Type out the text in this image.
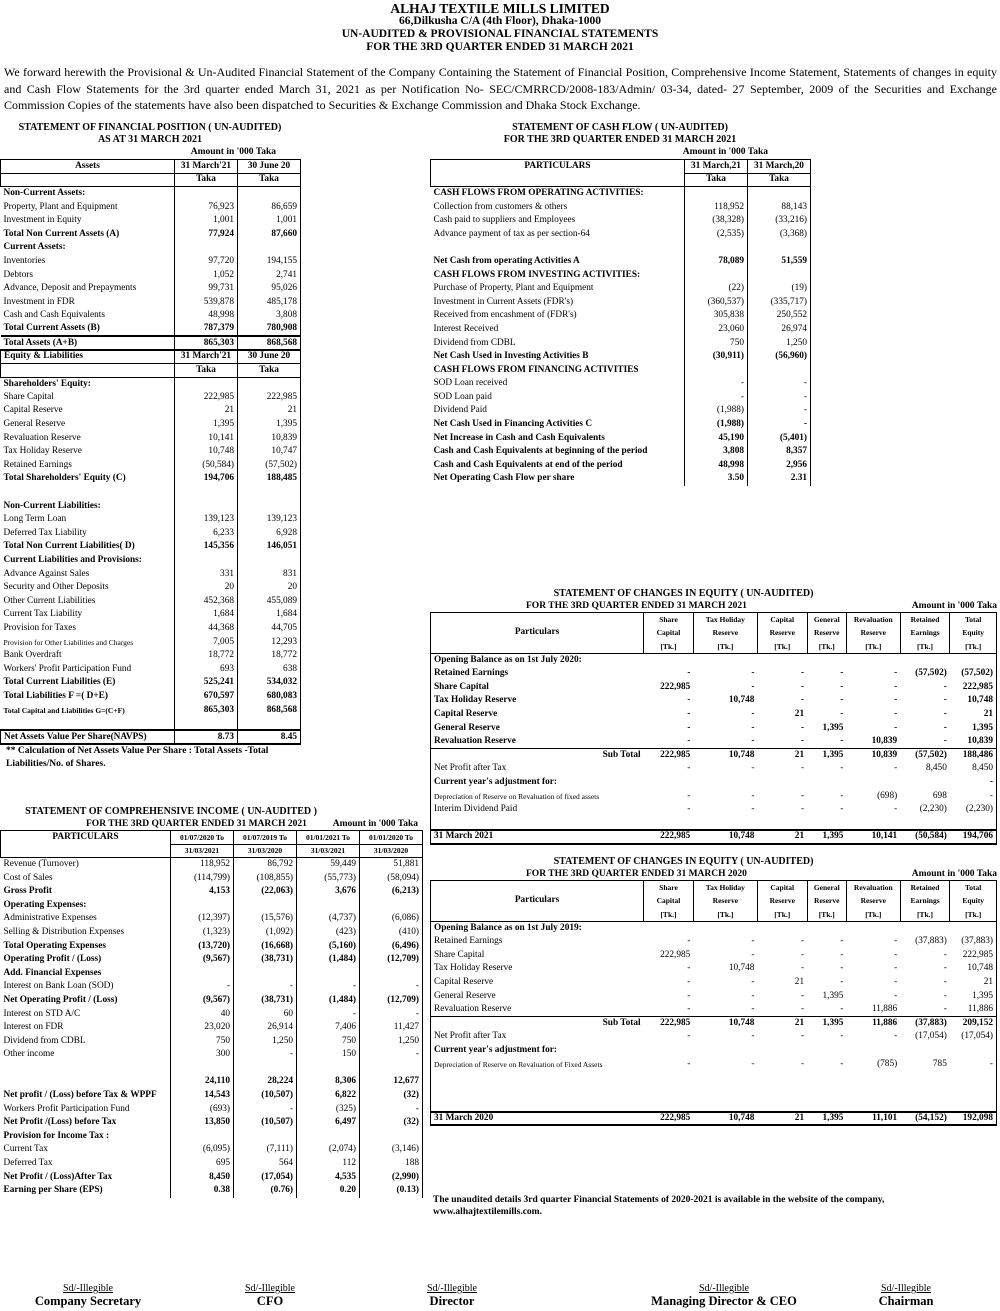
ALHAJ TEXTILE MILLS LIMITED
66,Dilkusha C/A (4th Floor), Dhaka-1000
UN-AUDITED & PROVISIONAL FINANCIAL STATEMENTS
FOR THE 3RD QUARTER ENDED 31 MARCH 2021
We forward herewith the Provisional & Un-Audited Financial Statement of the Company Containing the Statement of Financial Position, Comprehensive Income Statement, Statements of changes in equity and Cash Flow Statements for the 3rd quarter ended March 31, 2021 as per Notification No- SEC/CMRRCD/2008-183/Admin/ 03-34, dated- 27 September, 2009 of the Securities and Exchange Commission Copies of the statements have also been dispatched to Securities & Exchange Commission and Dhaka Stock Exchange.
STATEMENT OF FINANCIAL POSITION ( UN-AUDITED)
AS AT 31 MARCH 2021
Amount in '000 Taka
Assets	31 March'21	30 June 20
	Taka	Taka
Non-Current Assets:		
Property, Plant and Equipment	76,923	86,659
Investment in Equity	1,001	1,001
Total Non Current Assets (A)	77,924	87,660
Current Assets:		
Inventories	97,720	194,155
Debtors	1,052	2,741
Advance, Deposit and Prepayments	99,731	95,026
Investment in FDR	539,878	485,178
Cash and Cash Equivalents	48,998	3,808
Total Current Assets (B)	787,379	780,908
Total Assets (A+B)	865,303	868,568
Equity & Liabilities	31 March'21	30 June 20
	Taka	Taka
Shareholders' Equity:		
Share Capital	222,985	222,985
Capital Reserve	21	21
General Reserve	1,395	1,395
Revaluation Reserve	10,141	10,839
Tax Holiday Reserve	10,748	10,747
Retained Earnings	(50,584)	(57,502)
Total Shareholders' Equity (C)	194,706	188,485

Non-Current Liabilities:		
Long Term Loan	139,123	139,123
Deferred Tax Liability	6,233	6,928
Total Non Current Liabilities( D)	145,356	146,051
Current Liabilities and Provisions:		
Advance Against Sales	331	831
Security and Other Deposits	20	20
Other Current Liabilities	452,368	455,089
Current Tax Liability	1,684	1,684
Provision for Taxes	44,368	44,705
Provision for Other Liabilities and Charges	7,005	12,293
Bank Overdraft	18,772	18,772
Workers' Profit Participation Fund	693	638
Total Current Liabilities (E)	525,241	534,032
Total Liabilities F =( D+E)	670,597	680,083
Total Capital and Liabilities G=(C+F)	865,303	868,568

Net Assets Value Per Share(NAVPS)	8.73	8.45
** Calculation of Net Assets Value Per Share : Total Assets -Total Liabilities/No. of Shares.
STATEMENT OF CASH FLOW ( UN-AUDITED)
FOR THE 3RD QUARTER ENDED 31 MARCH 2021
Amount in '000 Taka
PARTICULARS	31 March,21	31 March,20
	Taka	Taka
CASH FLOWS FROM OPERATING ACTIVITIES:		
Collection from customers & others	118,952	88,143
Cash paid to suppliers and Employees	(38,328)	(33,216)
Advance payment of tax as per section-64	(2,535)	(3,368)

Net Cash from operating Activities A	78,089	51,559
CASH FLOWS FROM INVESTING ACTIVITIES:		
Purchase of Property, Plant and Equipment	(22)	(19)
Investment in Current Assets (FDR's)	(360,537)	(335,717)
Received from encashment of (FDR's)	305,838	250,552
Interest Received	23,060	26,974
Dividend from CDBL	750	1,250
Net Cash Used in Investing Activities B	(30,911)	(56,960)
CASH FLOWS FROM FINANCING ACTIVITIES		
SOD Loan received	-	-
SOD Loan paid	-	-
Dividend Paid	(1,988)	-
Net Cash Used in Financing Activities C	(1,988)	-
Net Increase in Cash and Cash Equivalents	45,190	(5,401)
Cash and Cash Equivalents at beginning of the period	3,808	8,357
Cash and Cash Equivalents at end of the period	48,998	2,956
Net Operating Cash Flow per share	3.50	2.31
STATEMENT OF COMPREHENSIVE INCOME ( UN-AUDITED )
FOR THE 3RD QUARTER ENDED 31 MARCH 2021	Amount in '000 Taka
PARTICULARS	01/07/2020 To	01/07/2019 To	01/01/2021 To	01/01/2020 To
	31/03/2021	31/03/2020	31/03/2021	31/03/2020
Revenue (Turnover)	118,952	86,792	59,449	51,881
Cost of Sales	(114,799)	(108,855)	(55,773)	(58,094)
Gross Profit	4,153	(22,063)	3,676	(6,213)
Operating Expenses:				
Administrative Expenses	(12,397)	(15,576)	(4,737)	(6,086)
Selling & Distribution Expenses	(1,323)	(1,092)	(423)	(410)
Total Operating Expenses	(13,720)	(16,668)	(5,160)	(6,496)
Operating Profit / (Loss)	(9,567)	(38,731)	(1,484)	(12,709)
Add. Financial Expenses				
Interest on Bank Loan (SOD)	-	-	-	-
Net Operating Profit / (Loss)	(9,567)	(38,731)	(1,484)	(12,709)
Interest on STD A/C	40	60	-	-
Interest on FDR	23,020	26,914	7,406	11,427
Dividend from CDBL	750	1,250	750	1,250
Other income	300	-	150	-

	24,110	28,224	8,306	12,677
Net profit / (Loss) before Tax & WPPF	14,543	(10,507)	6,822	(32)
Workers Profit Participation Fund	(693)	-	(325)	-
Net Profit /(Loss) before Tax	13,850	(10,507)	6,497	(32)
Provision for Income Tax :				
Current Tax	(6,095)	(7,111)	(2,074)	(3,146)
Deferred Tax	695	564	112	188
Net Profit / (Loss)After Tax	8,450	(17,054)	4,535	(2,990)
Earning per Share (EPS)	0.38	(0.76)	0.20	(0.13)
STATEMENT OF CHANGES IN EQUITY ( UN-AUDITED)
FOR THE 3RD QUARTER ENDED 31 MARCH 2021	Amount in '000 Taka
Particulars	Share	Tax Holiday	Capital	General	Revaluation	Retained	Total
	Capital	Reserve	Reserve	Reserve	Reserve	Earnings	Equity
	[Tk.]	[Tk.]	[Tk.]	[Tk.]	[Tk.]	[Tk.]	[Tk.]
Opening Balance as on 1st July 2020:							
Retained Earnings	-	-	-	-	-	(57,502)	(57,502)
Share Capital	222,985	-	-	-	-	-	222,985
Tax Holiday Reserve	-	10,748	-	-	-	-	10,748
Capital Reserve	-	-	21	-	-	-	21
General Reserve	-	-	-	1,395	-	-	1,395
Revaluation Reserve	-	-	-	-	10,839	-	10,839
Sub Total	222,985	10,748	21	1,395	10,839	(57,502)	188,486
Net Profit after Tax	-	-	-	-	-	8,450	8,450
Current year's adjustment for:							-
Depreciation of Reserve on Revaluation of fixed assets	-	-	-	-	(698)	698	-
Interim Dividend Paid	-	-	-	-	-	(2,230)	(2,230)

31 March 2021	222,985	10,748	21	1,395	10,141	(50,584)	194,706
STATEMENT OF CHANGES IN EQUITY ( UN-AUDITED)
FOR THE 3RD QUARTER ENDED 31 MARCH 2020	Amount in '000 Taka
Particulars	Share	Tax Holiday	Capital	General	Revaluation	Retained	Total
	Capital	Reserve	Reserve	Reserve	Reserve	Earnings	Equity
	[Tk.]	[Tk.]	[Tk.]	[Tk.]	[Tk.]	[Tk.]	[Tk.]
Opening Balance as on 1st July 2019:							
Retained Earnings	-	-	-	-	-	(37,883)	(37,883)
Share Capital	222,985	-	-	-	-	-	222,985
Tax Holiday Reserve	-	10,748	-	-	-	-	10,748
Capital Reserve	-	-	21	-	-	-	21
General Reserve	-	-	-	1,395	-	-	1,395
Revaluation Reserve	-	-	-	-	11,886	-	11,886
Sub Total	222,985	10,748	21	1,395	11,886	(37,883)	209,152
Net Profit after Tax	-	-	-	-	-	(17,054)	(17,054)
Current year's adjustment for:							
Depreciation of Reserve on Revaluation of Fixed Assets	-	-	-	-	(785)	785	-

31 March 2020	222,985	10,748	21	1,395	11,101	(54,152)	192,098
The unaudited details 3rd quarter Financial Statements of 2020-2021 is available in the website of the company, www.alhajtextilemills.com.
Sd/-Illegible
Company Secretary
Sd/-Illegible
CFO
Sd/-Illegible
Director
Sd/-Illegible
Managing Director & CEO
Sd/-Illegible
Chairman
